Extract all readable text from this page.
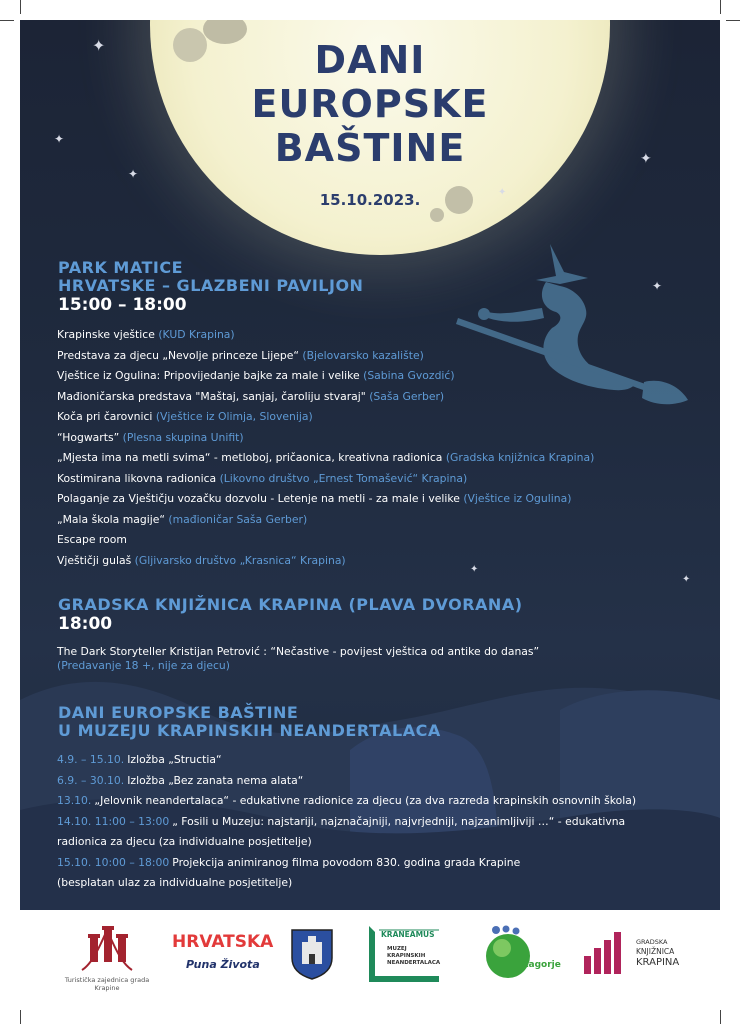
✦
✦
✦
✦
✦
✦
✦
✦
DANI
EUROPSKE
BAŠTINE
15.10.2023.
PARK MATICE
HRVATSKE – GLAZBENI PAVILJON
15:00 – 18:00
Krapinske vještice (KUD Krapina)
Predstava za djecu „Nevolje princeze Lijepe“ (Bjelovarsko kazalište)
Vještice iz Ogulina: Pripovijedanje bajke za male i velike (Sabina Gvozdić)
Mađioničarska predstava "Maštaj, sanjaj, čaroliju stvaraj" (Saša Gerber)
Koča pri čarovnici (Vještice iz Olimja, Slovenija)
“Hogwarts” (Plesna skupina Unifit)
„Mjesta ima na metli svima“ - metloboj, pričaonica, kreativna radionica (Gradska knjižnica Krapina)
Kostimirana likovna radionica (Likovno društvo „Ernest Tomašević“ Krapina)
Polaganje za Vještičju vozačku dozvolu - Letenje na metli - za male i velike (Vještice iz Ogulina)
„Mala škola magije“ (mađioničar Saša Gerber)
Escape room
Vještičji gulaš (Gljivarsko društvo „Krasnica“ Krapina)
GRADSKA KNJIŽNICA KRAPINA (PLAVA DVORANA)
18:00
The Dark Storyteller Kristijan Petrović : “Nečastive - povijest vještica od antike do danas”
(Predavanje 18 +, nije za djecu)
DANI EUROPSKE BAŠTINE
U MUZEJU KRAPINSKIH NEANDERTALACA
4.9. – 15.10. Izložba „Structia“
6.9. – 30.10. Izložba „Bez zanata nema alata“
13.10. „Jelovnik neandertalaca“ - edukativne radionice za djecu (za dva razreda krapinskih osnovnih škola)
14.10. 11:00 – 13:00 „ Fosili u Muzeju: najstariji, najznačajniji, najvrjedniji, najzanimljiviji …“ - edukativna
radionica za djecu (za individualne posjetitelje)
15.10. 10:00 – 18:00 Projekcija animiranog filma povodom 830. godina grada Krapine
(besplatan ulaz za individualne posjetitelje)
Turistička zajednica grada Krapine
HRVATSKA
Puna Života
KRANEAMUS
MUZEJ
KRAPINSKIH
NEANDERTALACA	Zagorje
GRADSKA
KNJIŽNICA
KRAPINA
